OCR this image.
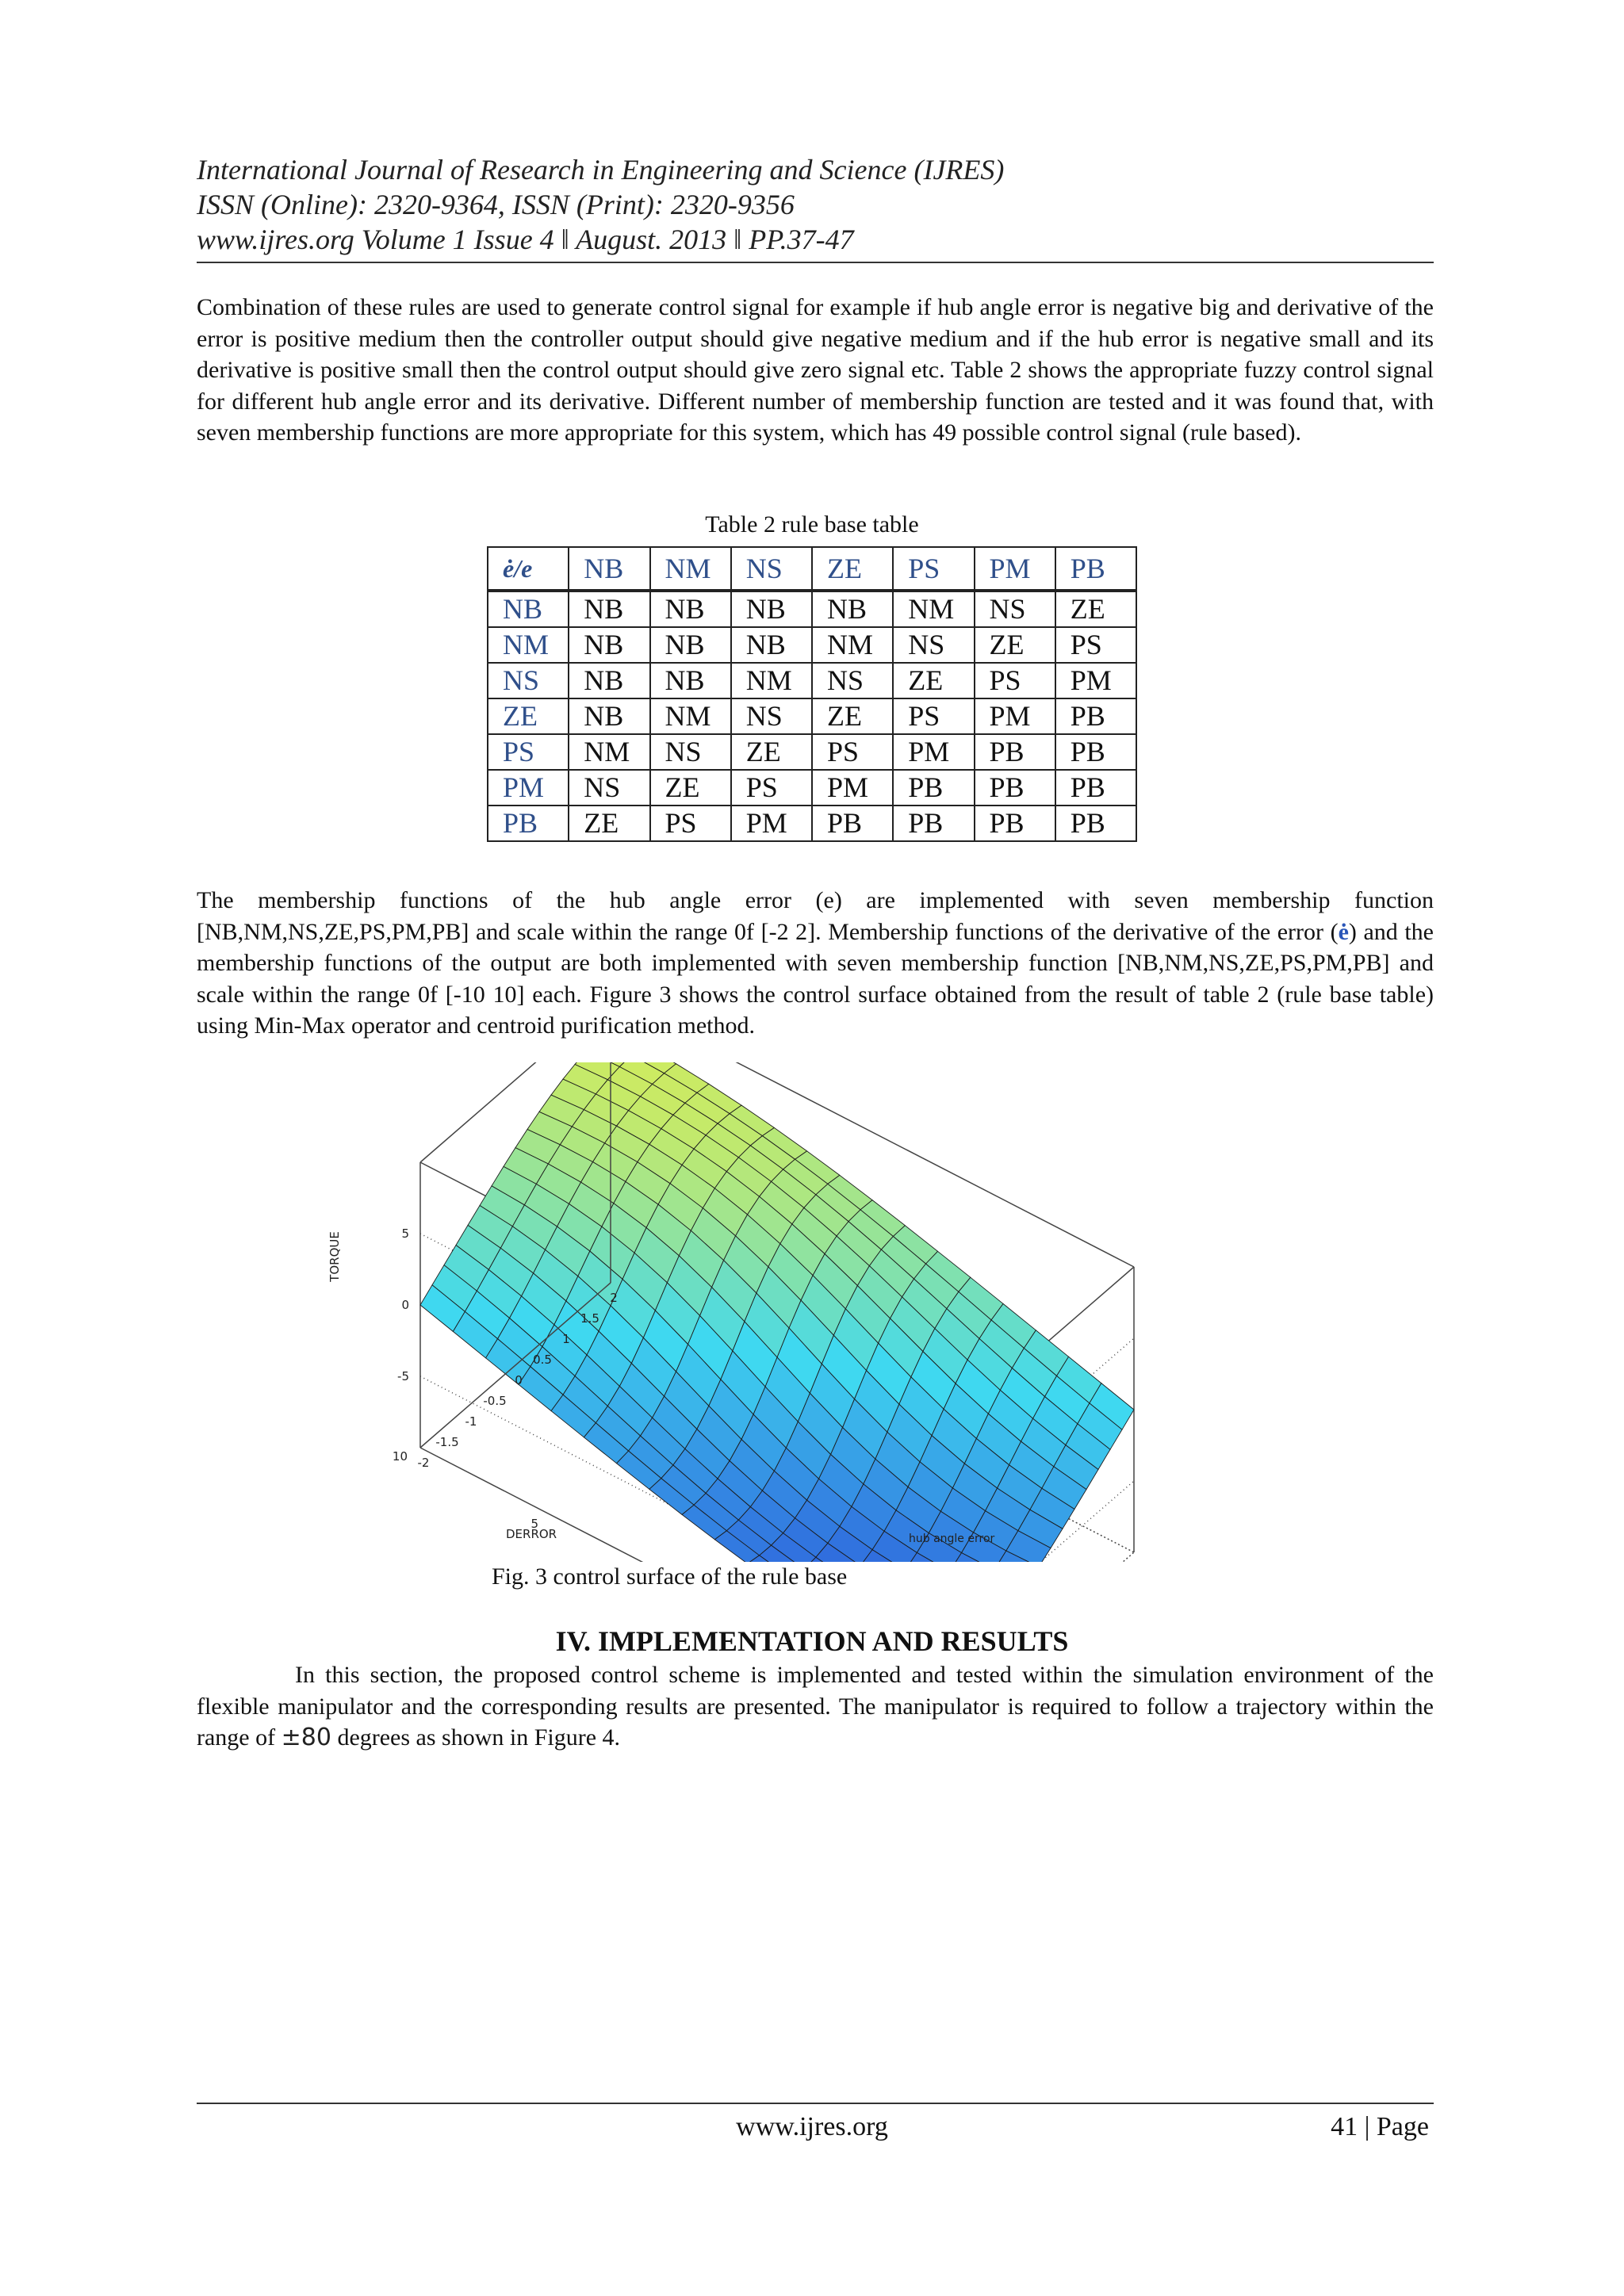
International Journal of Research in Engineering and Science (IJRES)
ISSN (Online): 2320-9364, ISSN (Print): 2320-9356
www.ijres.org Volume 1 Issue 4 ǁ August. 2013 ǁ PP.37-47
Combination of these rules are used to generate control signal for example if hub angle error is negative big and derivative of the error is positive medium then the controller output should give negative medium and if the hub error is negative small and its derivative is positive small then the control output should give zero signal etc. Table 2 shows the appropriate fuzzy control signal for different hub angle error and its derivative. Different number of membership function are tested and it was found that, with seven membership functions are more appropriate for this system, which has 49 possible control signal (rule based).
Table 2 rule base table
ė/e	NB	NM	NS	ZE	PS	PM	PB
NB	NB	NB	NB	NB	NM	NS	ZE
NM	NB	NB	NB	NM	NS	ZE	PS
NS	NB	NB	NM	NS	ZE	PS	PM
ZE	NB	NM	NS	ZE	PS	PM	PB
PS	NM	NS	ZE	PS	PM	PB	PB
PM	NS	ZE	PS	PM	PB	PB	PB
PB	ZE	PS	PM	PB	PB	PB	PB
The membership functions of the hub angle error (e) are implemented with seven membership function [NB,NM,NS,ZE,PS,PM,PB] and scale within the range 0f [-2 2]. Membership functions of the derivative of the error (ė) and the membership functions of the output are both implemented with seven membership function [NB,NM,NS,ZE,PS,PM,PB] and scale within the range 0f [-10 10] each. Figure 3 shows the control surface obtained from the result of table 2 (rule base table) using Min-Max operator and centroid purification method.
5
0
-5
10
5
-2
-1.5
-1
-0.5
0
0.5
1
1.5
2
TORQUE
DERROR	hub angle error
Fig. 3 control surface of the rule base
IV. IMPLEMENTATION AND RESULTS
In this section, the proposed control scheme is implemented and tested within the simulation environment of the flexible manipulator and the corresponding results are presented. The manipulator is required to follow a trajectory within the range of ±80 degrees as shown in Figure 4.
www.ijres.org	41 | Page
